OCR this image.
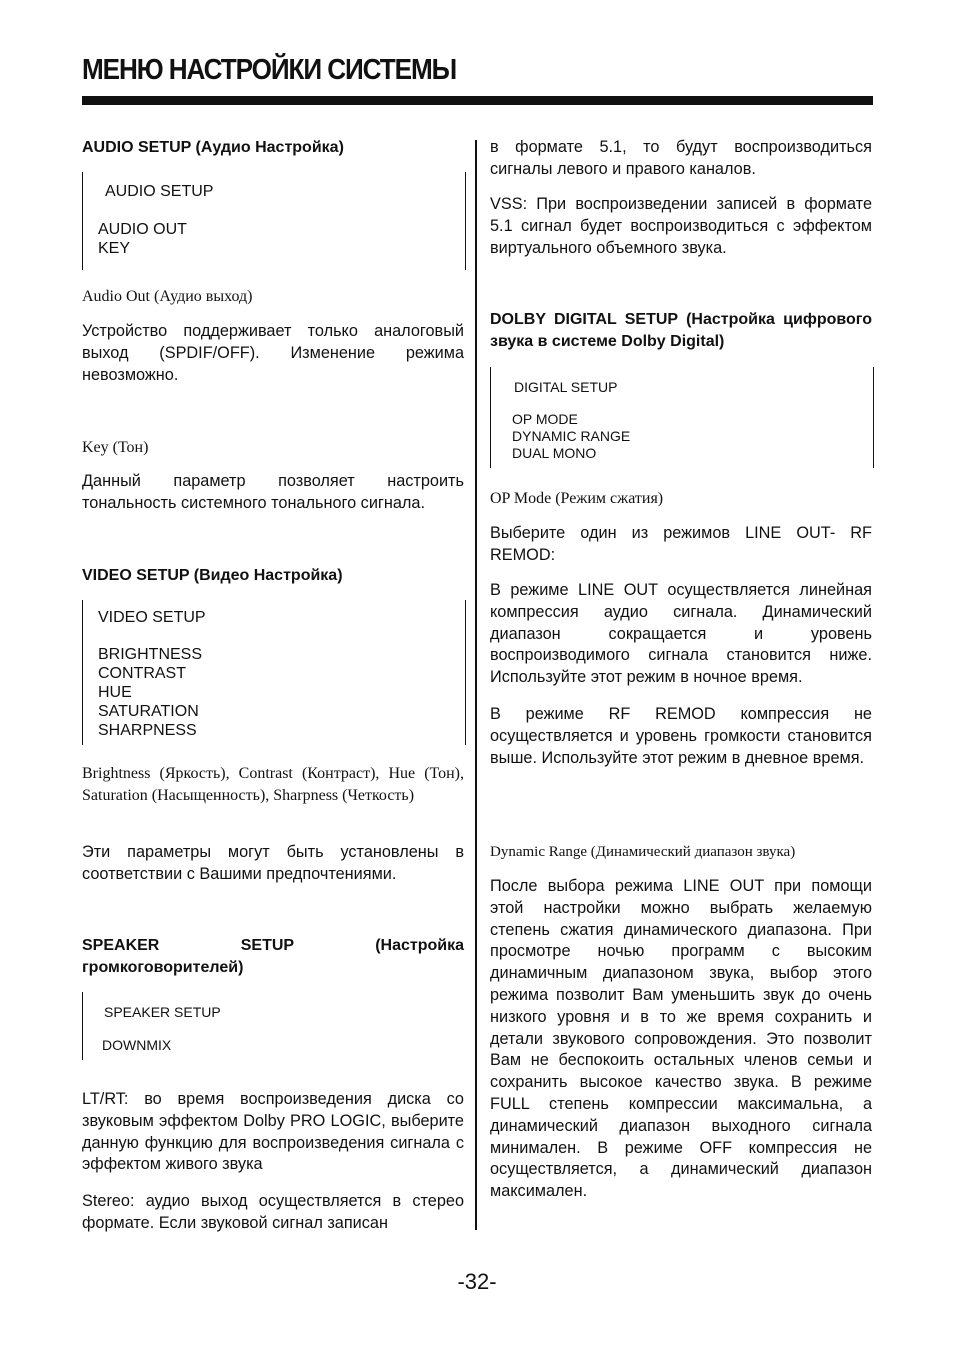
МЕНЮ НАСТРОЙКИ СИСТЕМЫ
AUDIO SETUP (Аудио Настройка)
AUDIO SETUP
AUDIO OUT
KEY
Audio Out (Аудио выход)
Устройство поддерживает только аналоговый выход (SPDIF/OFF). Изменение режима невозможно.
Key (Тон)
Данный параметр позволяет настроить тональность системного тонального сигнала.
VIDEO SETUP (Видео Настройка)
VIDEO SETUP
BRIGHTNESS
CONTRAST
HUE
SATURATION
SHARPNESS
Brightness (Яркость), Contrast (Контраст), Hue (Тон), Saturation (Насыщенность), Sharpness (Четкость)
Эти параметры могут быть установлены в соответствии с Вашими предпочтениями.
SPEAKER SETUP (Настройка громкоговорителей)
SPEAKER SETUP
DOWNMIX
LT/RT: во время воспроизведения диска со звуковым эффектом Dolby PRO LOGIC, выберите данную функцию для воспроизведения сигнала с эффектом живого звука
Stereo: аудио выход осуществляется в стерео формате. Если звуковой сигнал записан
в формате 5.1, то будут воспроизводиться сигналы левого и правого каналов.
VSS: При воспроизведении записей в формате 5.1 сигнал будет воспроизводиться с эффектом виртуального объемного звука.
DOLBY DIGITAL SETUP (Настройка цифрового звука в системе Dolby Digital)
DIGITAL SETUP
OP MODE
DYNAMIC RANGE
DUAL MONO
OP Mode (Режим сжатия)
Выберите один из режимов LINE OUT- RF REMOD:
В режиме LINE OUT осуществляется линейная компрессия аудио сигнала. Динамический диапазон сокращается и уровень воспроизводимого сигнала становится ниже. Используйте этот режим в ночное время.
В режиме RF REMOD компрессия не осуществляется и уровень громкости становится выше. Используйте этот режим в дневное время.
Dynamic Range (Динамический диапазон звука)
После выбора режима LINE OUT при помощи этой настройки можно выбрать желаемую степень сжатия динамического диапазона. При просмотре ночью программ с высоким динамичным диапазоном звука, выбор этого режима позволит Вам уменьшить звук до очень низкого уровня и в то же время сохранить и детали звукового сопровождения. Это позволит Вам не беспокоить остальных членов семьи и сохранить высокое качество звука. В режиме FULL степень компрессии максимальна, а динамический диапазон выходного сигнала минимален. В режиме OFF компрессия не осуществляется, а динамический диапазон максимален.
-32-
